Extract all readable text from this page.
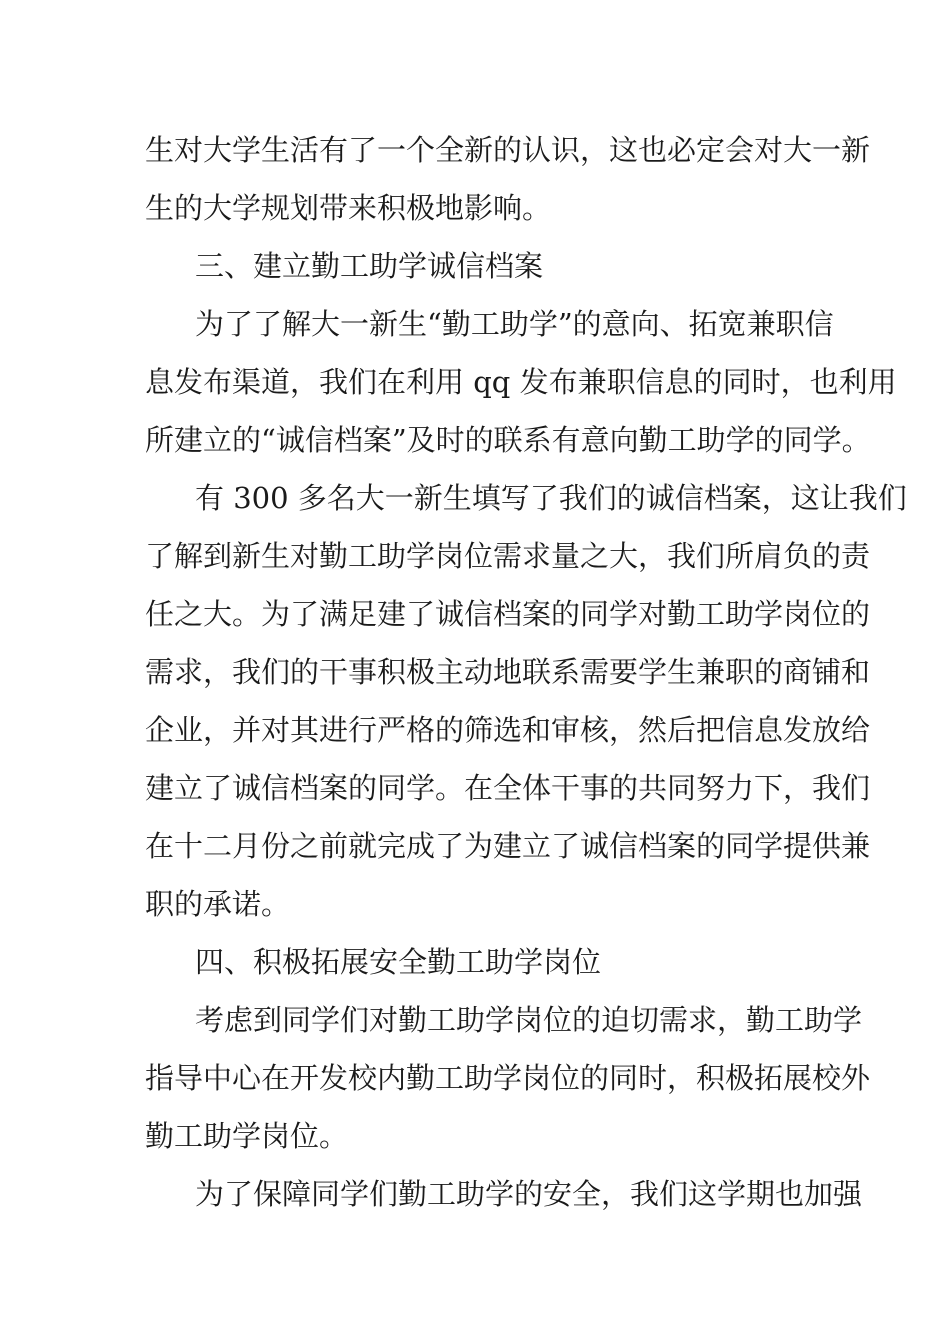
生对大学生活有了一个全新的认识，这也必定会对大一新
生的大学规划带来积极地影响。
三、建立勤工助学诚信档案
为了了解大一新生“勤工助学”的意向、拓宽兼职信
息发布渠道，我们在利用 qq 发布兼职信息的同时，也利用
所建立的“诚信档案”及时的联系有意向勤工助学的同学。
有 300 多名大一新生填写了我们的诚信档案，这让我们
了解到新生对勤工助学岗位需求量之大，我们所肩负的责
任之大。为了满足建了诚信档案的同学对勤工助学岗位的
需求，我们的干事积极主动地联系需要学生兼职的商铺和
企业，并对其进行严格的筛选和审核，然后把信息发放给
建立了诚信档案的同学。在全体干事的共同努力下，我们
在十二月份之前就完成了为建立了诚信档案的同学提供兼
职的承诺。
四、积极拓展安全勤工助学岗位
考虑到同学们对勤工助学岗位的迫切需求，勤工助学
指导中心在开发校内勤工助学岗位的同时，积极拓展校外
勤工助学岗位。
为了保障同学们勤工助学的安全，我们这学期也加强
